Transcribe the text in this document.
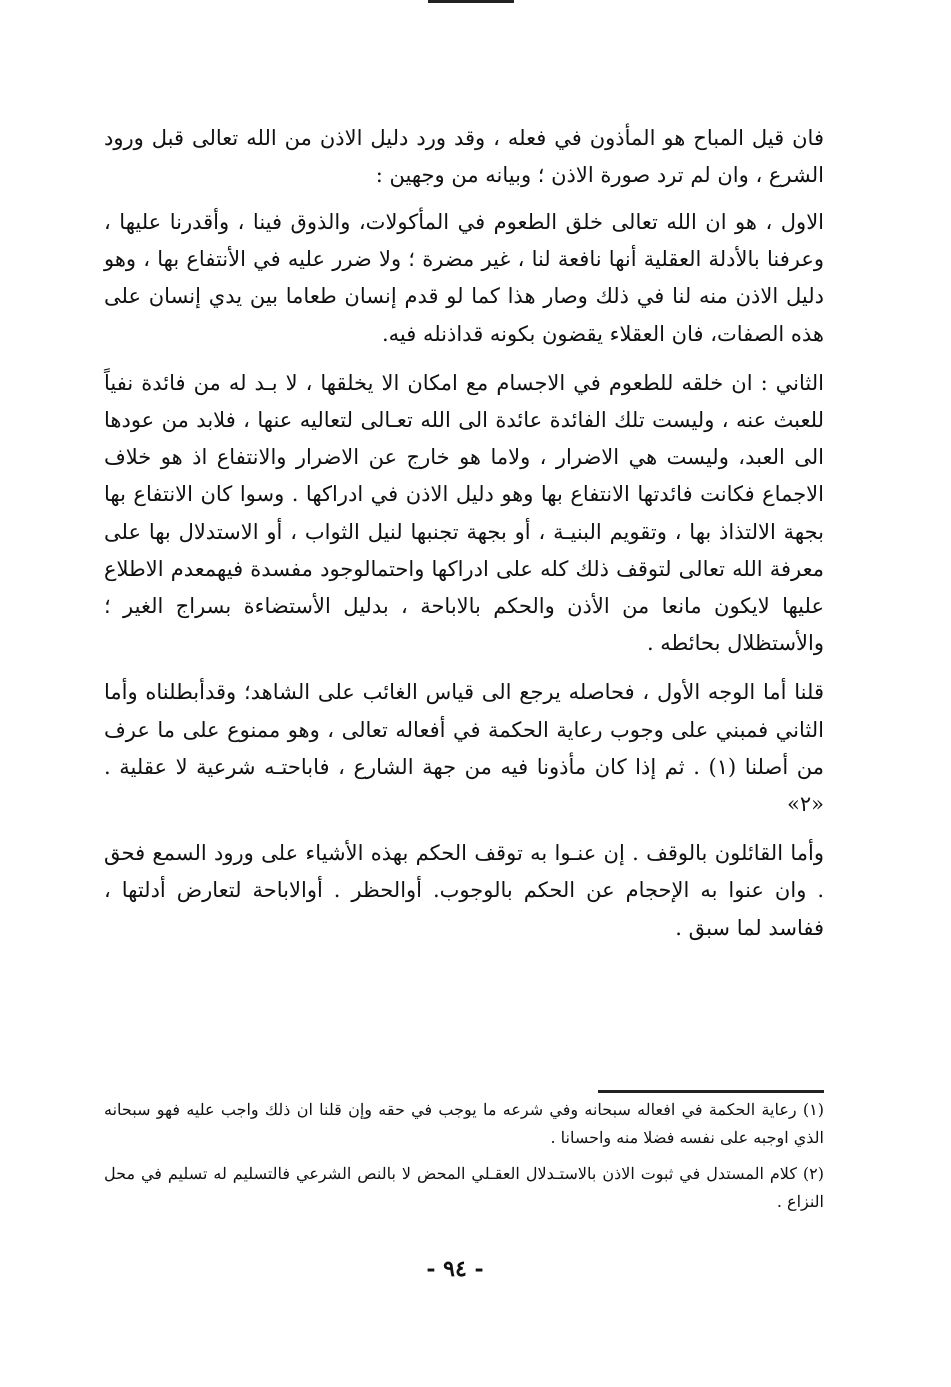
فان قيل المباح هو المأذون في فعله ، وقد ورد دليل الاذن من الله تعالى قبل ورود الشرع ، وان لم ترد صورة الاذن ؛ وبيانه من وجهين :

الاول ، هو ان الله تعالى خلق الطعوم في المأكولات، والذوق فينا ، وأقدرنا عليها ، وعرفنا بالأدلة العقلية أنها نافعة لنا ، غير مضرة ؛ ولا ضرر عليه في الأنتفاع بها ، وهو دليل الاذن منه لنا في ذلك وصار هذا كما لو قدم إنسان طعاما بين يدي إنسان على هذه الصفات، فان العقلاء يقضون بكونه قداذنله فيه.

الثاني : ان خلقه للطعوم في الاجسام مع امكان الا يخلقها ، لا بـد له من فائدة نفياً للعبث عنه ، وليست تلك الفائدة عائدة الى الله تعـالى لتعاليه عنها ، فلابد من عودها الى العبد، وليست هي الاضرار ، ولاما هو خارج عن الاضرار والانتفاع اذ هو خلاف الاجماع فكانت فائدتها الانتفاع بها وهو دليل الاذن في ادراكها . وسوا كان الانتفاع بها بجهة الالتذاذ بها ، وتقويم البنيـة ، أو بجهة تجنبها لنيل الثواب ، أو الاستدلال بها على معرفة الله تعالى لتوقف ذلك كله على ادراكها واحتمالوجود مفسدة فيهمعدم الاطلاع عليها لايكون مانعا من الأذن والحكم بالاباحة ، بدليل الأستضاءة بسراج الغير ؛ والأستظلال بحائطه .

قلنا أما الوجه الأول ، فحاصله يرجع الى قياس الغائب على الشاهد؛ وقدأبطلناه وأما الثاني فمبني على وجوب رعاية الحكمة في أفعاله تعالى ، وهو ممنوع على ما عرف من أصلنا (١) . ثم إذا كان مأذونا فيه من جهة الشارع ، فاباحتـه شرعية لا عقلية . «٢»

وأما القائلون بالوقف . إن عنـوا به توقف الحكم بهذه الأشياء على ورود السمع فحق . وان عنوا به الإحجام عن الحكم بالوجوب. أوالحظر . أوالاباحة لتعارض أدلتها ، ففاسد لما سبق .

(١) رعاية الحكمة في افعاله سبحانه وفي شرعه ما يوجب في حقه وإن قلنا ان ذلك واجب عليه فهو سبحانه الذي اوجبه على نفسه فضلا منه واحسانا .

(٢) كلام المستدل في ثبوت الاذن بالاستـدلال العقـلي المحض لا بالنص الشرعي فالتسليم له تسليم في محل النزاع .

- ٩٤ -
